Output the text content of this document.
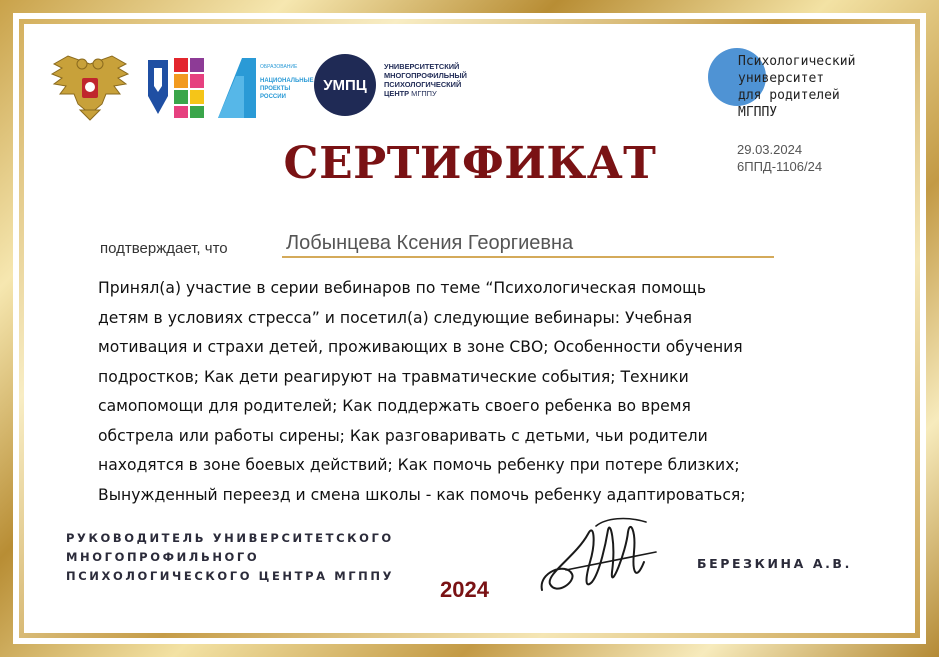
ОБРАЗОВАНИЕ
НАЦИОНАЛЬНЫЕ
ПРОЕКТЫ
РОССИИ
УМПЦ
УНИВЕРСИТЕТСКИЙ
МНОГОПРОФИЛЬНЫЙ
ПСИХОЛОГИЧЕСКИЙ
ЦЕНТР МГППУ
СЕРТИФИКАТ
Психологический
университет
для родителей
МГППУ
29.03.2024
6ППД-1106/24
подтверждает, что	Лобынцева Ксения Георгиевна
Принял(а) участие в серии вебинаров по теме “Психологическая помощь
детям в условиях стресса” и посетил(а) следующие вебинары: Учебная
мотивация и страхи детей, проживающих в зоне СВО; Особенности обучения
подростков; Как дети реагируют на травматические события; Техники
самопомощи для родителей; Как поддержать своего ребенка во время
обстрела или работы сирены; Как разговаривать с детьми, чьи родители
находятся в зоне боевых действий; Как помочь ребенку при потере близких;
Вынужденный переезд и смена школы - как помочь ребенку адаптироваться;
РУКОВОДИТЕЛЬ УНИВЕРСИТЕТСКОГО
МНОГОПРОФИЛЬНОГО
ПСИХОЛОГИЧЕСКОГО ЦЕНТРА МГППУ
2024
БЕРЕЗКИНА А.В.
